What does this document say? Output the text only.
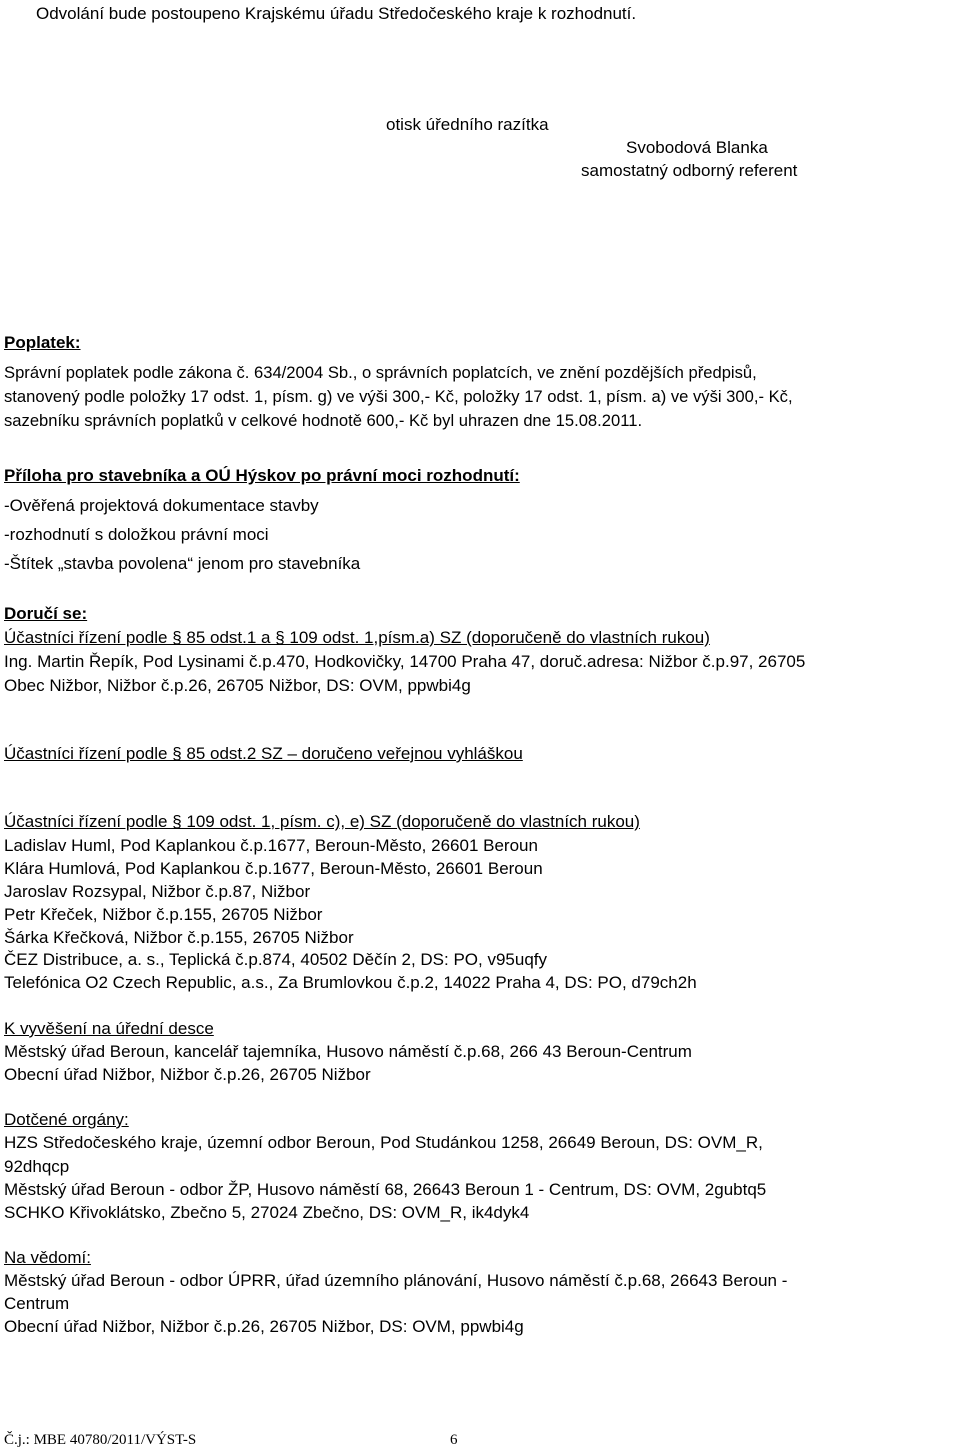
Odvolání bude postoupeno Krajskému úřadu Středočeského kraje k rozhodnutí.
otisk úředního razítka
Svobodová Blanka
samostatný odborný referent
Poplatek:
Správní poplatek podle zákona č. 634/2004 Sb., o správních poplatcích, ve znění pozdějších předpisů,
stanovený podle položky 17 odst. 1, písm. g) ve výši 300,- Kč, položky 17 odst. 1, písm. a) ve výši 300,- Kč,
sazebníku správních poplatků v celkové hodnotě 600,- Kč byl uhrazen dne 15.08.2011.
Příloha pro stavebníka a OÚ Hýskov po právní moci rozhodnutí:
-Ověřená projektová dokumentace stavby
-rozhodnutí s doložkou právní moci
-Štítek „stavba povolena“ jenom pro stavebníka
Doručí se:
Účastníci řízení podle § 85 odst.1 a § 109 odst. 1,písm.a) SZ (doporučeně do vlastních rukou)
Ing. Martin Řepík, Pod Lysinami č.p.470, Hodkovičky, 14700 Praha 47, doruč.adresa: Nižbor č.p.97, 26705
Obec Nižbor, Nižbor č.p.26, 26705 Nižbor, DS: OVM, ppwbi4g
Účastníci řízení podle § 85 odst.2 SZ – doručeno veřejnou vyhláškou
Účastníci řízení podle § 109 odst. 1, písm. c), e) SZ (doporučeně do vlastních rukou)
Ladislav Huml, Pod Kaplankou č.p.1677, Beroun-Město, 26601 Beroun
Klára Humlová, Pod Kaplankou č.p.1677, Beroun-Město, 26601 Beroun
Jaroslav Rozsypal, Nižbor č.p.87, Nižbor
Petr Křeček, Nižbor č.p.155, 26705 Nižbor
Šárka Křečková, Nižbor č.p.155, 26705 Nižbor
ČEZ Distribuce, a. s., Teplická č.p.874, 40502 Děčín 2, DS: PO, v95uqfy
Telefónica O2 Czech Republic, a.s., Za Brumlovkou č.p.2, 14022 Praha 4, DS: PO, d79ch2h
K vyvěšení na úřední desce
Městský úřad Beroun, kancelář tajemníka, Husovo náměstí č.p.68, 266 43 Beroun-Centrum
Obecní úřad Nižbor, Nižbor č.p.26, 26705 Nižbor
Dotčené orgány:
HZS Středočeského kraje, územní odbor Beroun, Pod Studánkou 1258, 26649 Beroun, DS: OVM_R,
92dhqcp
Městský úřad Beroun - odbor ŽP, Husovo náměstí 68, 26643 Beroun 1 - Centrum, DS: OVM, 2gubtq5
SCHKO Křivoklátsko, Zbečno 5, 27024 Zbečno, DS: OVM_R, ik4dyk4
Na vědomí:
Městský úřad Beroun - odbor ÚPRR, úřad územního plánování, Husovo náměstí č.p.68, 26643 Beroun -
Centrum
Obecní úřad Nižbor, Nižbor č.p.26, 26705 Nižbor, DS: OVM, ppwbi4g
Č.j.: MBE 40780/2011/VÝST-S	6
